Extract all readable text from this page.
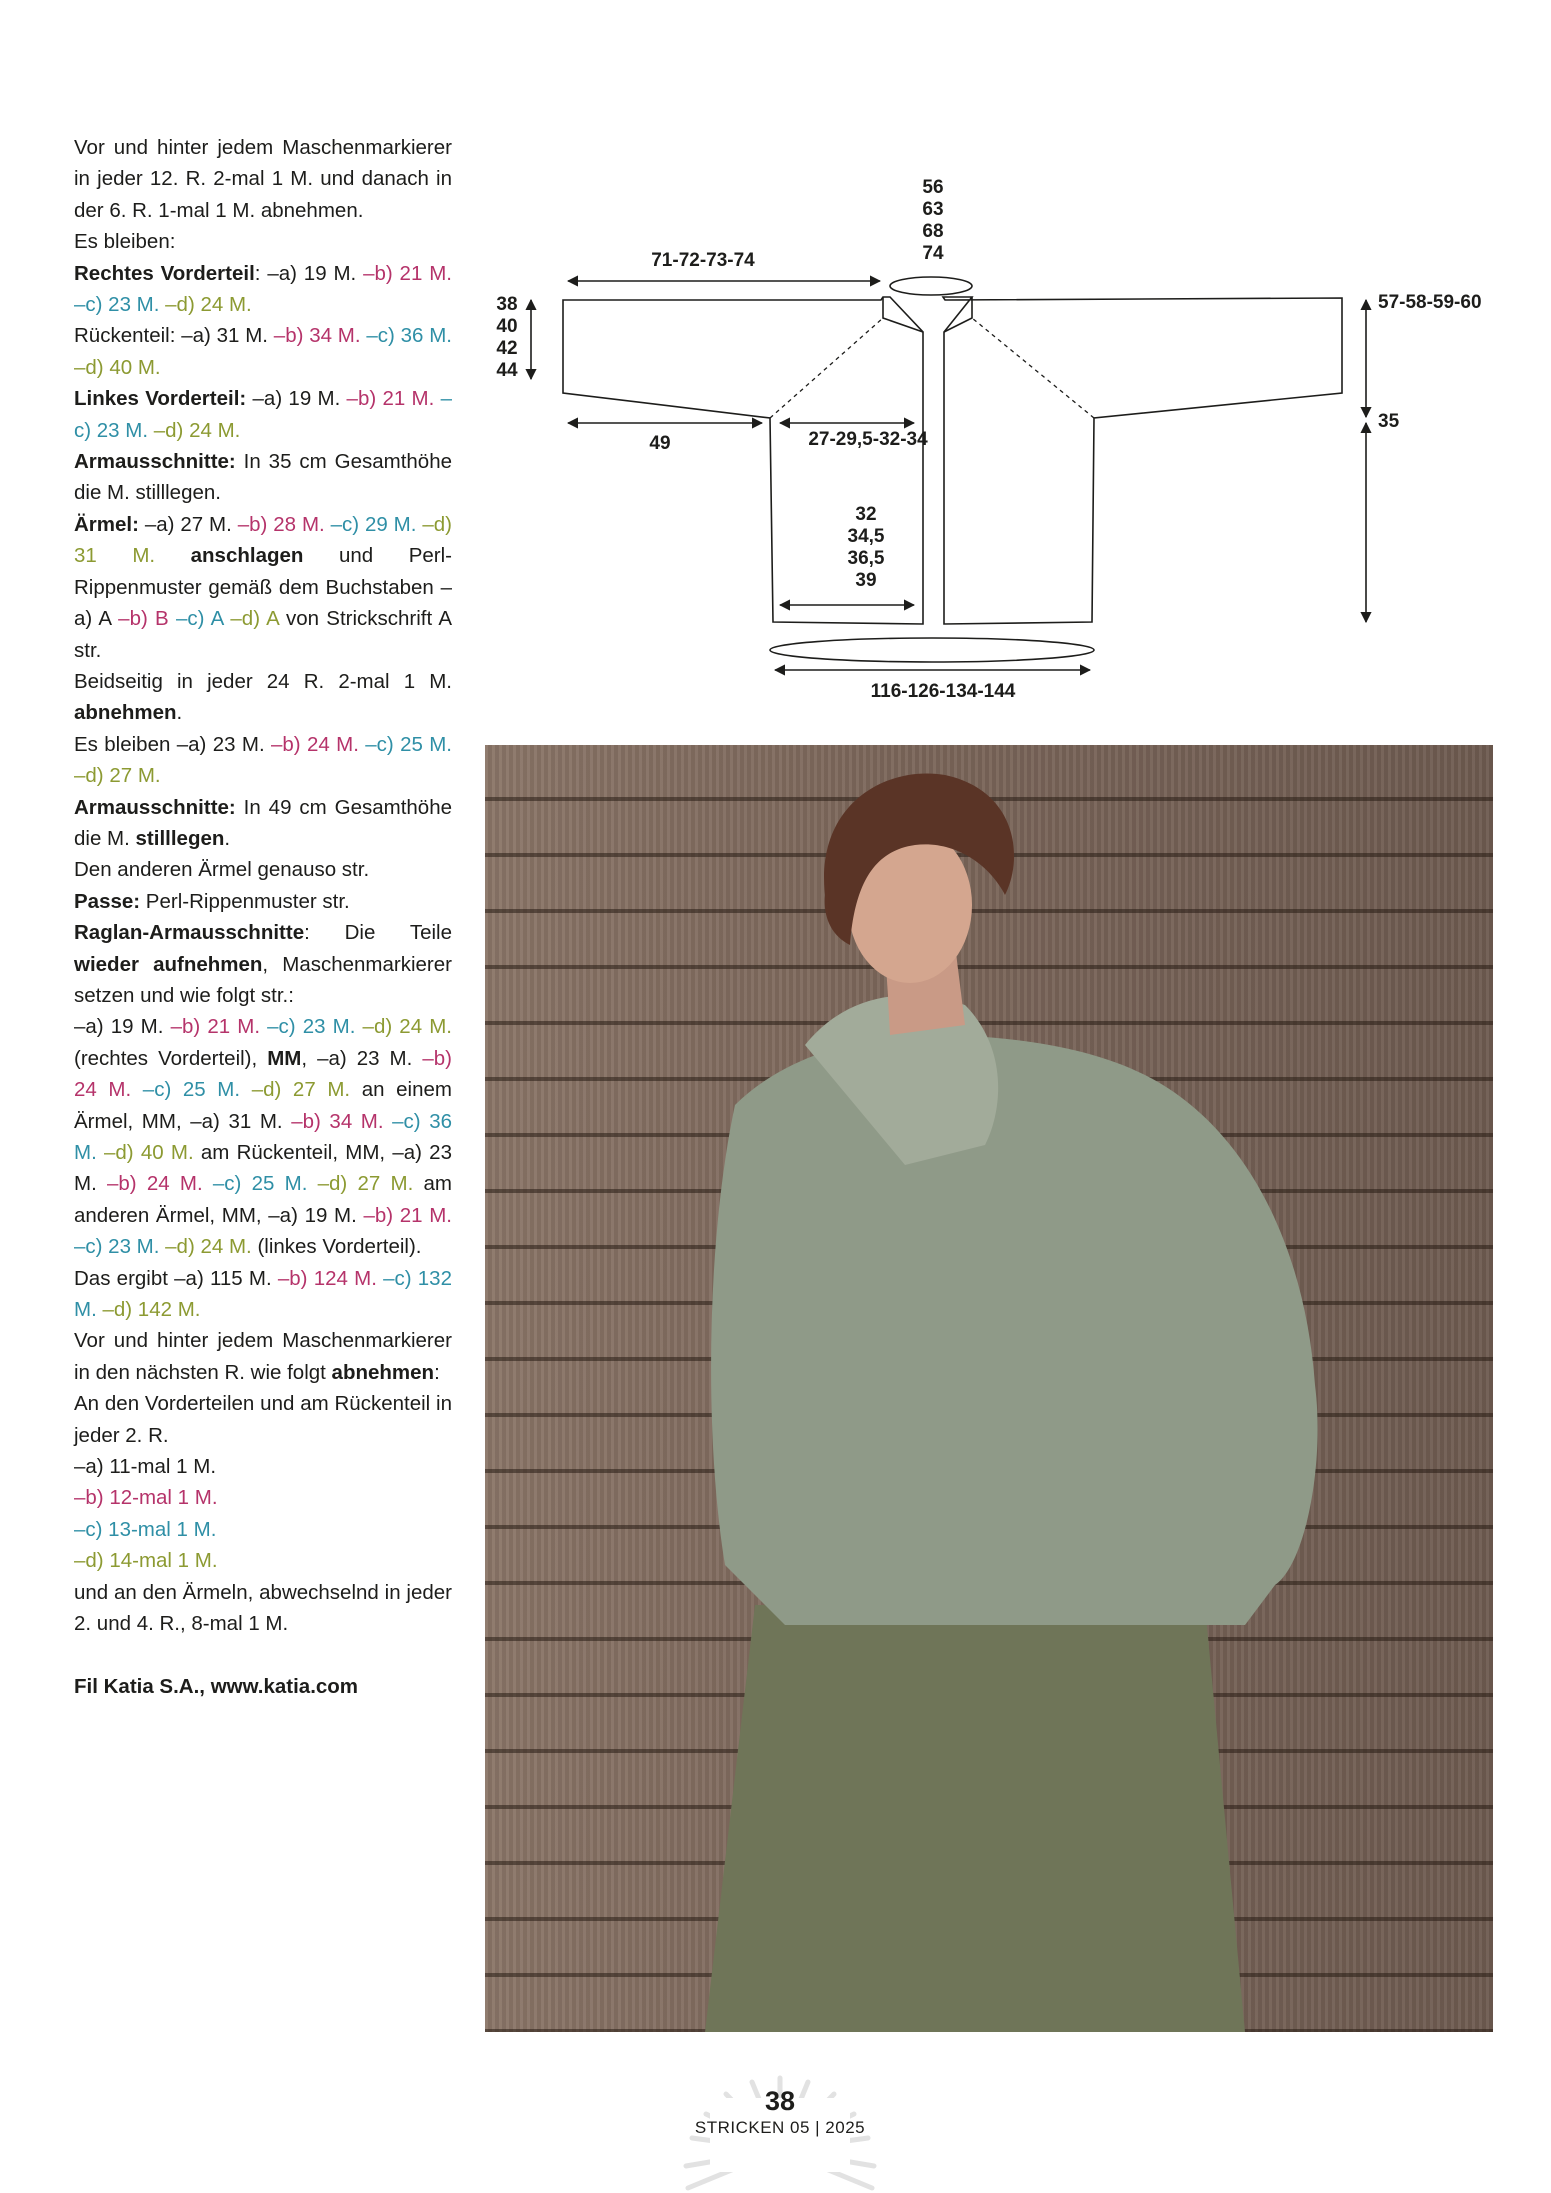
Vor und hinter jedem Maschenmarkierer in jeder 12. R. 2-mal 1 M. und danach in der 6. R. 1-mal 1 M. abnehmen.

Es bleiben:

Rechtes Vorderteil: –a) 19 M. –b) 21 M. –c) 23 M. –d) 24 M.

Rückenteil: –a) 31 M. –b) 34 M. –c) 36 M. –d) 40 M.

Linkes Vorderteil: –a) 19 M. –b) 21 M. –c) 23 M. –d) 24 M.

Armausschnitte: In 35 cm Gesamthöhe die M. stilllegen.

Ärmel: –a) 27 M. –b) 28 M. –c) 29 M. –d) 31 M. anschlagen und Perl-Rippenmuster gemäß dem Buchstaben –a) A –b) B –c) A –d) A von Strickschrift A str.

Beidseitig in jeder 24 R. 2-mal 1 M. abnehmen.

Es bleiben –a) 23 M. –b) 24 M. –c) 25 M. –d) 27 M.

Armausschnitte: In 49 cm Gesamthöhe die M. stilllegen.

Den anderen Ärmel genauso str.

Passe: Perl-Rippenmuster str.

Raglan-Armausschnitte: Die Teile wieder aufnehmen, Maschenmarkierer setzen und wie folgt str.:

–a) 19 M. –b) 21 M. –c) 23 M. –d) 24 M. (rechtes Vorderteil), MM, –a) 23 M. –b) 24 M. –c) 25 M. –d) 27 M. an einem Ärmel, MM, –a) 31 M. –b) 34 M. –c) 36 M. –d) 40 M. am Rückenteil, MM, –a) 23 M. –b) 24 M. –c) 25 M. –d) 27 M. am anderen Ärmel, MM, –a) 19 M. –b) 21 M. –c) 23 M. –d) 24 M. (linkes Vorderteil).

Das ergibt –a) 115 M. –b) 124 M. –c) 132 M. –d) 142 M.

Vor und hinter jedem Maschenmarkierer in den nächsten R. wie folgt abnehmen:

An den Vorderteilen und am Rückenteil in jeder 2. R.

–a) 11-mal 1 M.

–b) 12-mal 1 M.

–c) 13-mal 1 M.

–d) 14-mal 1 M.

und an den Ärmeln, abwechselnd in jeder 2. und 4. R., 8-mal 1 M.

Fil Katia S.A., www.katia.com

56
63
68
74
71-72-73-74
38
40
42
44
57-58-59-60
35
49	27-29,5-32-34
32
34,5
36,5
39
116-126-134-144
38
STRICKEN 05 | 2025
